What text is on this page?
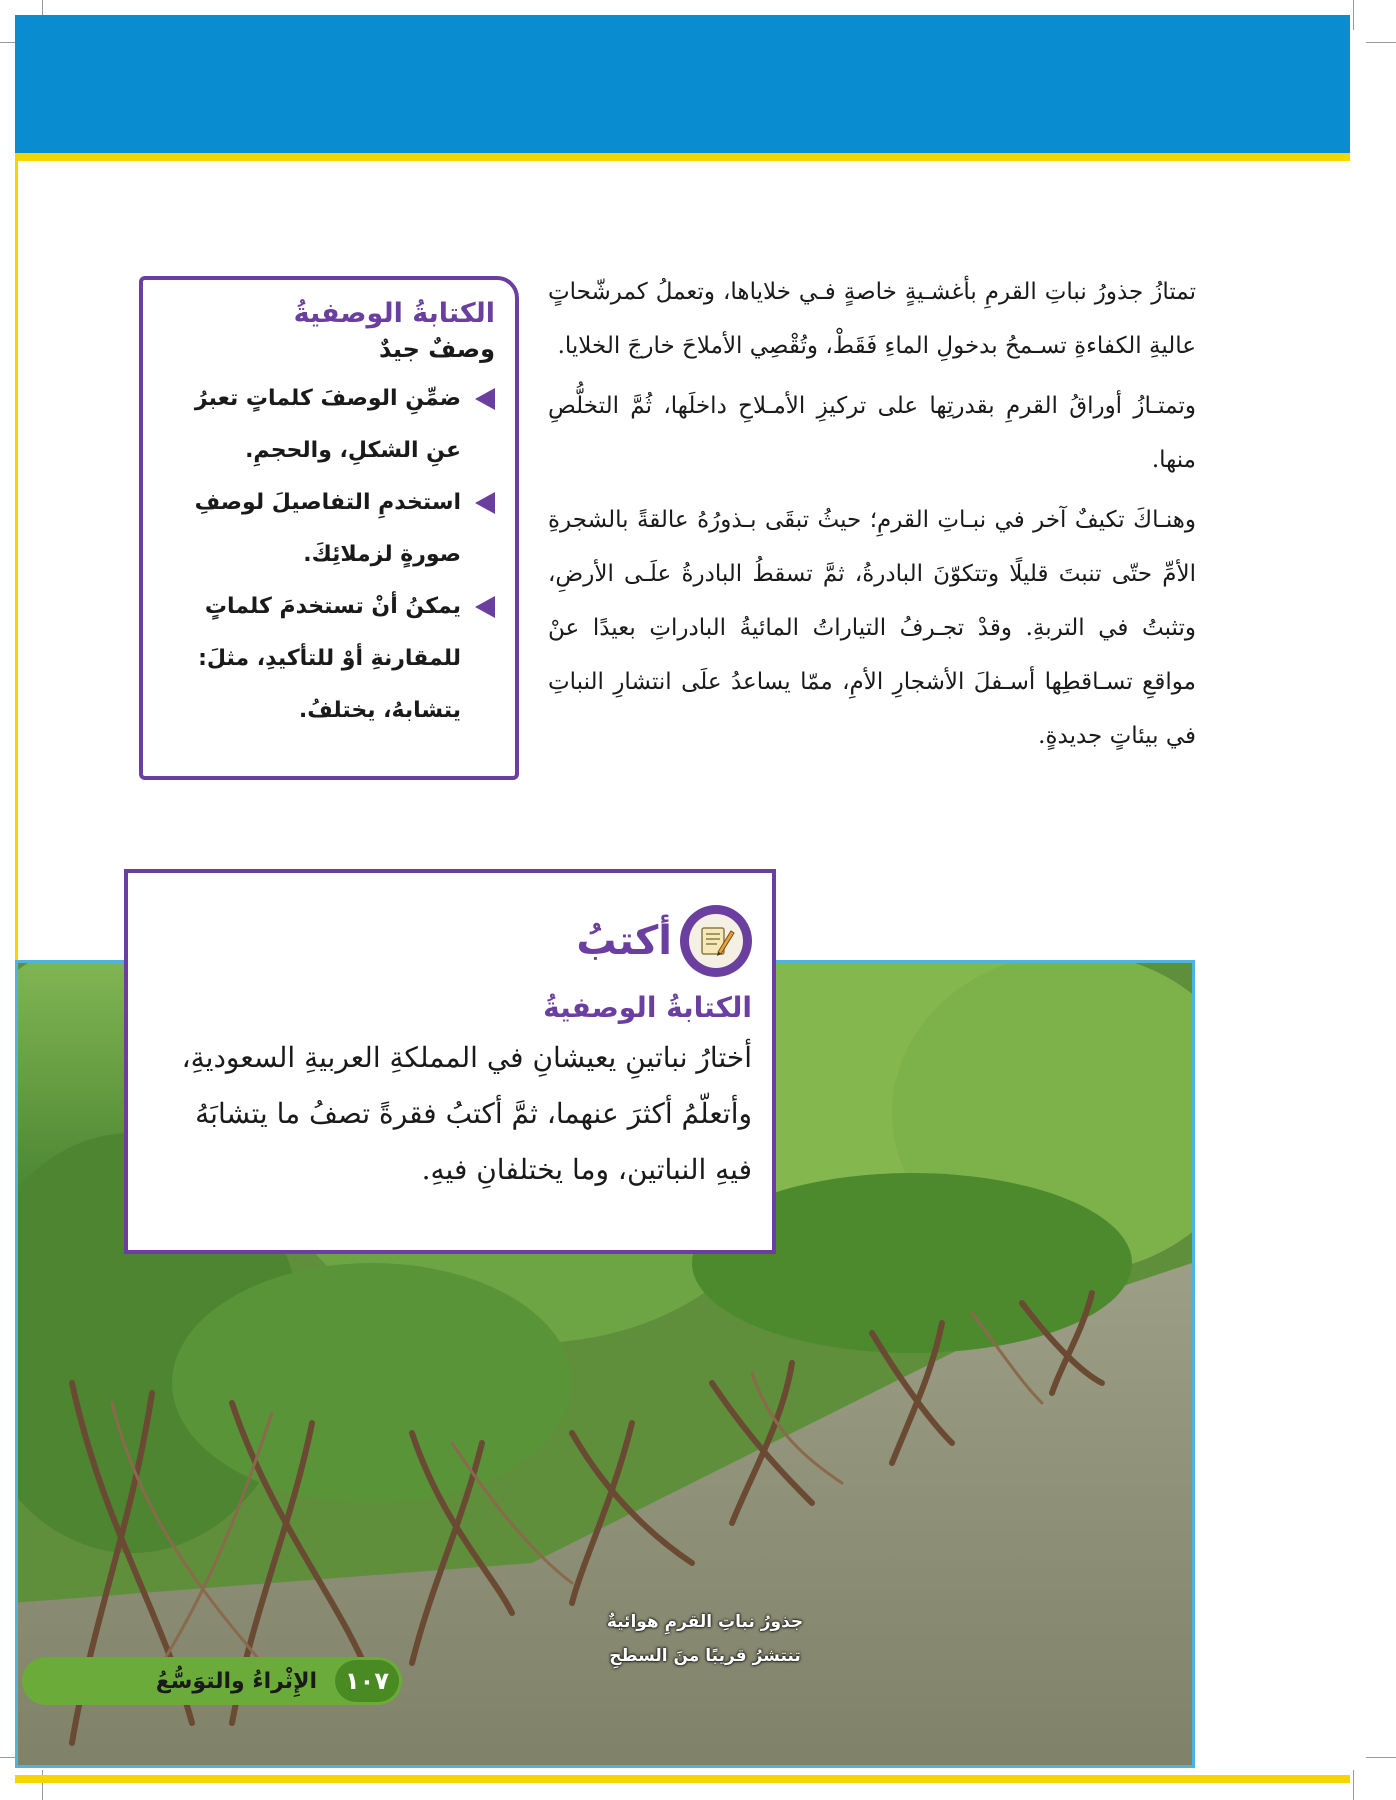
تمتازُ جذورُ نباتِ القرمِ بأغشـيةٍ خاصةٍ فـي خلاياها، وتعملُ كمرشّحاتٍ عاليةِ الكفاءةِ تسـمحُ بدخولِ الماءِ فَقَطْ، وتُقْصِي الأملاحَ خارجَ الخلايا.

وتمتـازُ أوراقُ القرمِ بقدرتِها على تركيزِ الأمـلاحِ داخلَها، ثُمَّ التخلُّصِ منها.

وهنـاكَ تكيفٌ آخر في نبـاتِ القرمِ؛ حيثُ تبقَى بـذورُهُ عالقةً بالشجرةِ الأمِّ حتّى تنبتَ قليلًا وتتكوّنَ البادرةُ، ثمَّ تسقطُ البادرةُ علَـى الأرضِ، وتثبتُ في التربةِ. وقدْ تجـرفُ التياراتُ المائيةُ البادراتِ بعيدًا عنْ مواقعِ تسـاقطِها أسـفلَ الأشجارِ الأمِ، ممّا يساعدُ علَى انتشارِ النباتِ في بيئاتٍ جديدةٍ.

الكتابةُ الوصفيةُ
وصفٌ جيدٌ
ضمِّنِ الوصفَ كلماتٍ تعبرُ عنِ الشكلِ، والحجمِ.
استخدمِ التفاصيلَ لوصفِ صورةٍ لزملائِكَ.
يمكنُ أنْ تستخدمَ كلماتٍ للمقارنةِ أوْ للتأكيدِ، مثلَ: يتشابهُ، يختلفُ.
أكتبُ
الكتابةُ الوصفيةُ

أختارُ نباتينِ يعيشانِ في المملكةِ العربيةِ السعوديةِ، وأتعلّمُ أكثرَ عنهما، ثمَّ أكتبُ فقرةً تصفُ ما يتشابَهُ فيهِ النباتين، وما يختلفانِ فيهِ.

جذورُ نباتِ القرمِ هوائيةٌ
تنتشرُ قريبًا منَ السطحِ
١٠٧
الإِثْراءُ والتوَسُّعُ
